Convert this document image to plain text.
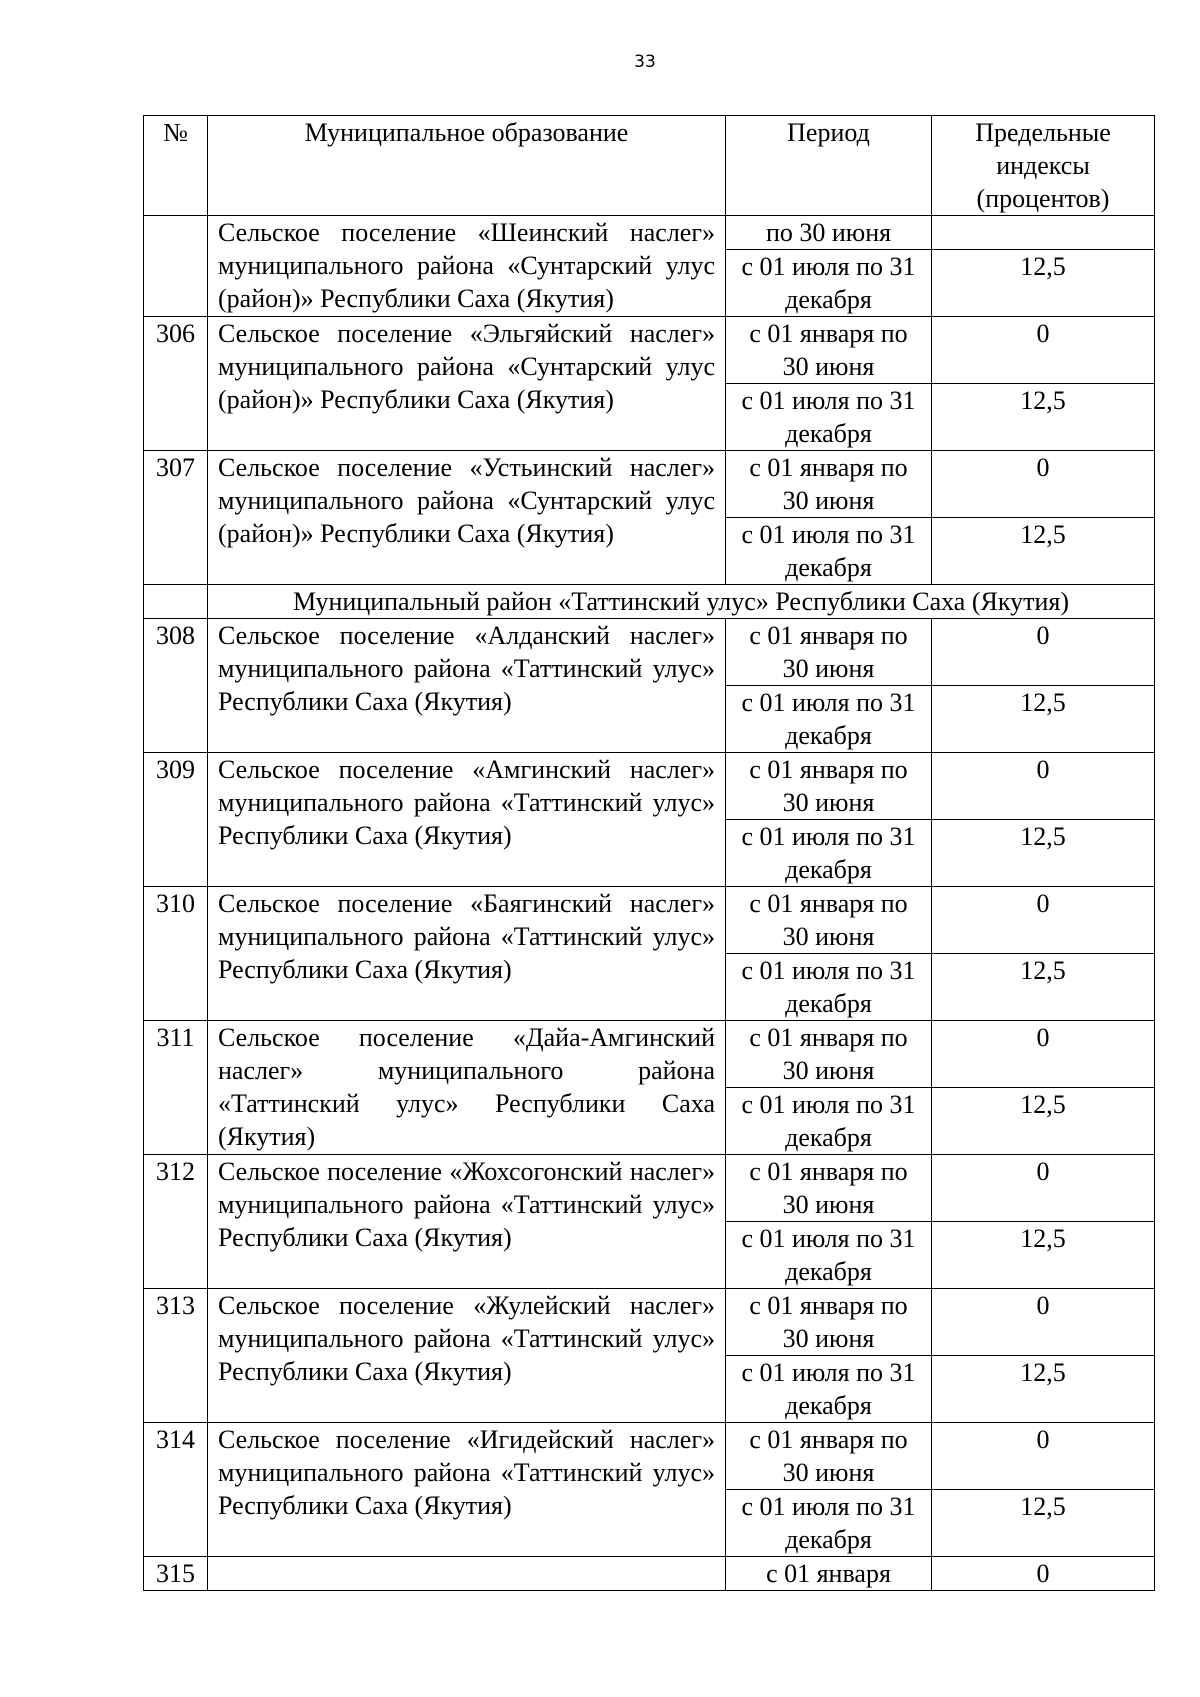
33
№	Муниципальное образование	Период	Предельные индексы (процентов)
	Сельское поселение «Шеинский наслег» муниципального района «Сунтарский улус (район)» Республики Саха (Якутия)	по 30 июня	
		с 01 июля по 31 декабря	12,5
306	Сельское поселение «Эльгяйский наслег» муниципального района «Сунтарский улус (район)» Республики Саха (Якутия)	с 01 января по 30 июня	0
		с 01 июля по 31 декабря	12,5
307	Сельское поселение «Устьинский наслег» муниципального района «Сунтарский улус (район)» Республики Саха (Якутия)	с 01 января по 30 июня	0
		с 01 июля по 31 декабря	12,5
	Муниципальный район «Таттинский улус» Республики Саха (Якутия)		
308	Сельское поселение «Алданский наслег» муниципального района «Таттинский улус» Республики Саха (Якутия)	с 01 января по 30 июня	0
		с 01 июля по 31 декабря	12,5
309	Сельское поселение «Амгинский наслег» муниципального района «Таттинский улус» Республики Саха (Якутия)	с 01 января по 30 июня	0
		с 01 июля по 31 декабря	12,5
310	Сельское поселение «Баягинский наслег» муниципального района «Таттинский улус» Республики Саха (Якутия)	с 01 января по 30 июня	0
		с 01 июля по 31 декабря	12,5
311	Сельское поселение «Дайа-Амгинский наслег» муниципального района «Таттинский улус» Республики Саха (Якутия)	с 01 января по 30 июня	0
		с 01 июля по 31 декабря	12,5
312	Сельское поселение «Жохсогонский наслег» муниципального района «Таттинский улус» Республики Саха (Якутия)	с 01 января по 30 июня	0
		с 01 июля по 31 декабря	12,5
313	Сельское поселение «Жулейский наслег» муниципального района «Таттинский улус» Республики Саха (Якутия)	с 01 января по 30 июня	0
		с 01 июля по 31 декабря	12,5
314	Сельское поселение «Игидейский наслег» муниципального района «Таттинский улус» Республики Саха (Якутия)	с 01 января по 30 июня	0
		с 01 июля по 31 декабря	12,5
315		с 01 января	0
